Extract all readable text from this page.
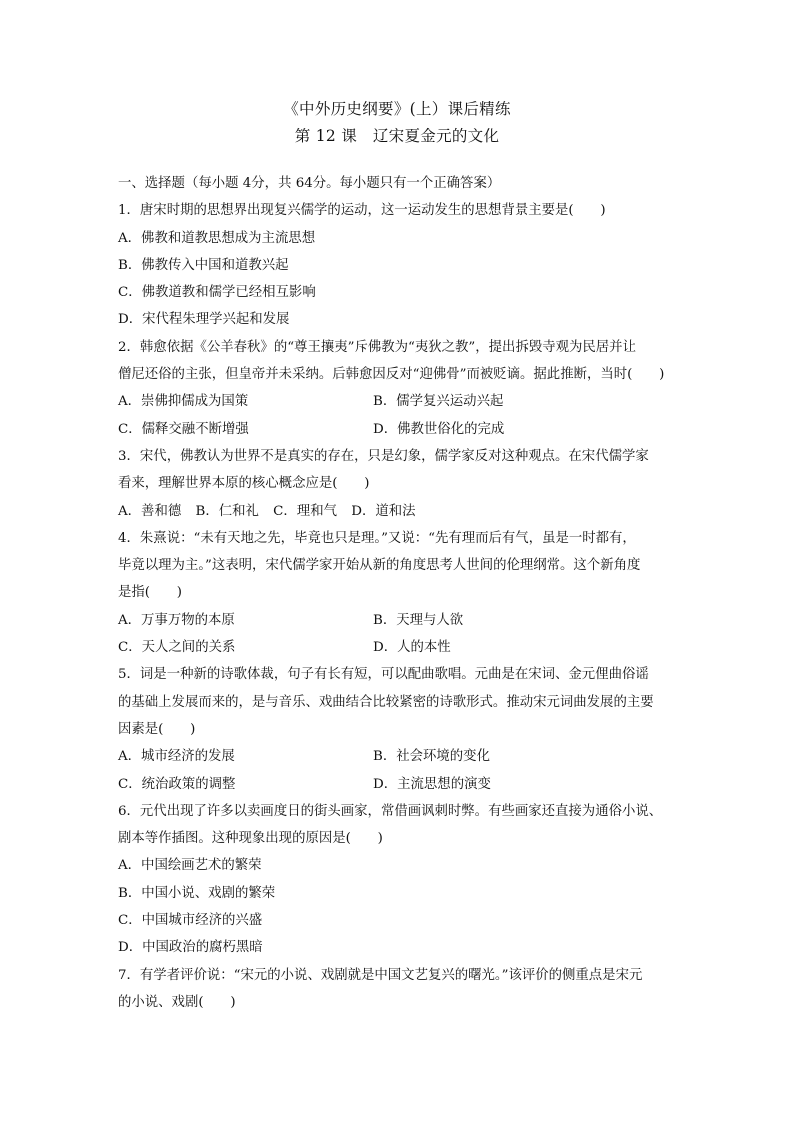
《中外历史纲要》(上）课后精练
第 12 课　辽宋夏金元的文化
一、选择题（每小题 4分，共 64分。每小题只有一个正确答案）
1．唐宋时期的思想界出现复兴儒学的运动，这一运动发生的思想背景主要是(　　)
A．佛教和道教思想成为主流思想
B．佛教传入中国和道教兴起
C．佛教道教和儒学已经相互影响
D．宋代程朱理学兴起和发展
2．韩愈依据《公羊春秋》的“尊王攘夷”斥佛教为“夷狄之教”，提出拆毁寺观为民居并让
僧尼还俗的主张，但皇帝并未采纳。后韩愈因反对“迎佛骨”而被贬谪。据此推断，当时(　　)
A．崇佛抑儒成为国策	B．儒学复兴运动兴起
C．儒释交融不断增强	D．佛教世俗化的完成
3．宋代，佛教认为世界不是真实的存在，只是幻象，儒学家反对这种观点。在宋代儒学家
看来，理解世界本原的核心概念应是(　　)
A．善和德 B．仁和礼 C．理和气 D．道和法
4．朱熹说：“未有天地之先，毕竟也只是理。”又说：“先有理而后有气，虽是一时都有，
毕竟以理为主。”这表明，宋代儒学家开始从新的角度思考人世间的伦理纲常。这个新角度
是指(　　)
A．万事万物的本原	B．天理与人欲
C．天人之间的关系	D．人的本性
5．词是一种新的诗歌体裁，句子有长有短，可以配曲歌唱。元曲是在宋词、金元俚曲俗谣
的基础上发展而来的，是与音乐、戏曲结合比较紧密的诗歌形式。推动宋元词曲发展的主要
因素是(　　)
A．城市经济的发展	B．社会环境的变化
C．统治政策的调整	D．主流思想的演变
6．元代出现了许多以卖画度日的街头画家，常借画讽刺时弊。有些画家还直接为通俗小说、
剧本等作插图。这种现象出现的原因是(　　)
A．中国绘画艺术的繁荣
B．中国小说、戏剧的繁荣
C．中国城市经济的兴盛
D．中国政治的腐朽黑暗
7．有学者评价说：“宋元的小说、戏剧就是中国文艺复兴的曙光。”该评价的侧重点是宋元
的小说、戏剧(　　)
